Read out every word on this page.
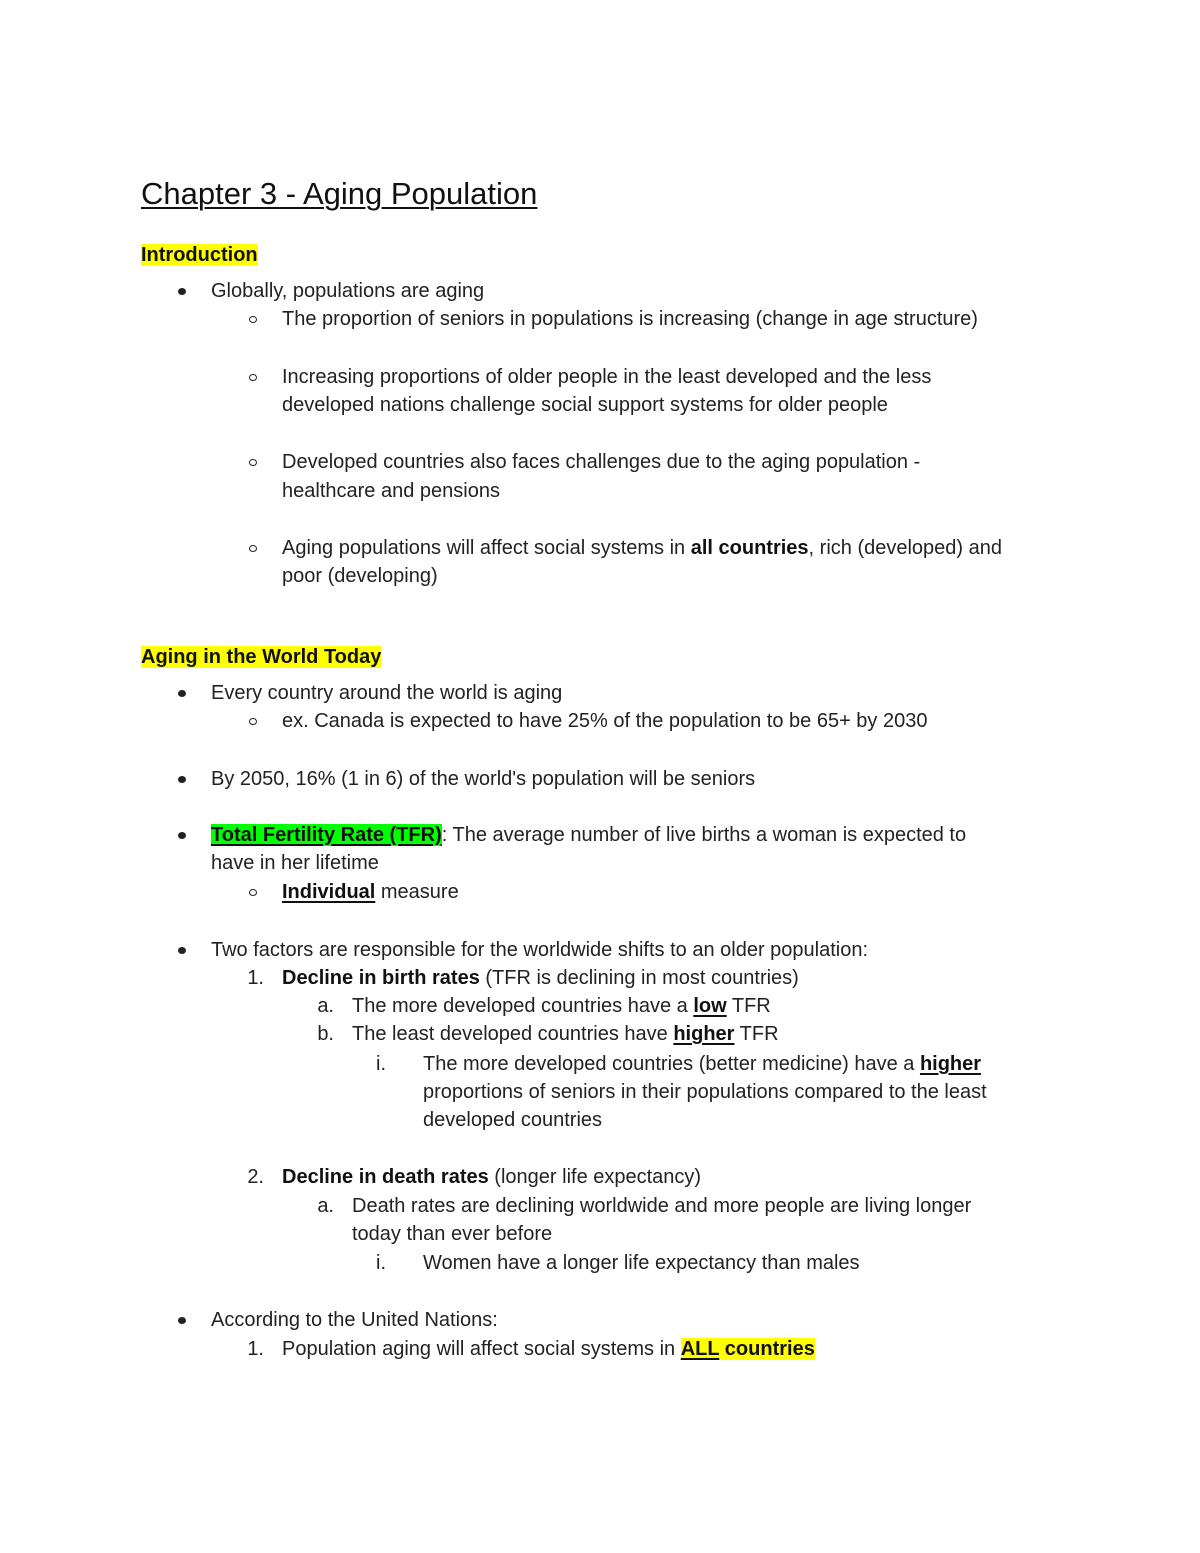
Chapter 3 - Aging Population
Introduction
Globally, populations are aging
The proportion of seniors in populations is increasing (change in age structure)
Increasing proportions of older people in the least developed and the less
developed nations challenge social support systems for older people
Developed countries also faces challenges due to the aging population -
healthcare and pensions
Aging populations will affect social systems in all countries, rich (developed) and
poor (developing)
Aging in the World Today
Every country around the world is aging
ex. Canada is expected to have 25% of the population to be 65+ by 2030
By 2050, 16% (1 in 6) of the world's population will be seniors
Total Fertility Rate (TFR): The average number of live births a woman is expected to
have in her lifetime
Individual measure
Two factors are responsible for the worldwide shifts to an older population:
1. Decline in birth rates (TFR is declining in most countries)
a. The more developed countries have a low TFR
b. The least developed countries have higher TFR
i. The more developed countries (better medicine) have a higher
proportions of seniors in their populations compared to the least
developed countries
2. Decline in death rates (longer life expectancy)
a. Death rates are declining worldwide and more people are living longer
today than ever before
i. Women have a longer life expectancy than males
According to the United Nations:
1. Population aging will affect social systems in ALL countries
